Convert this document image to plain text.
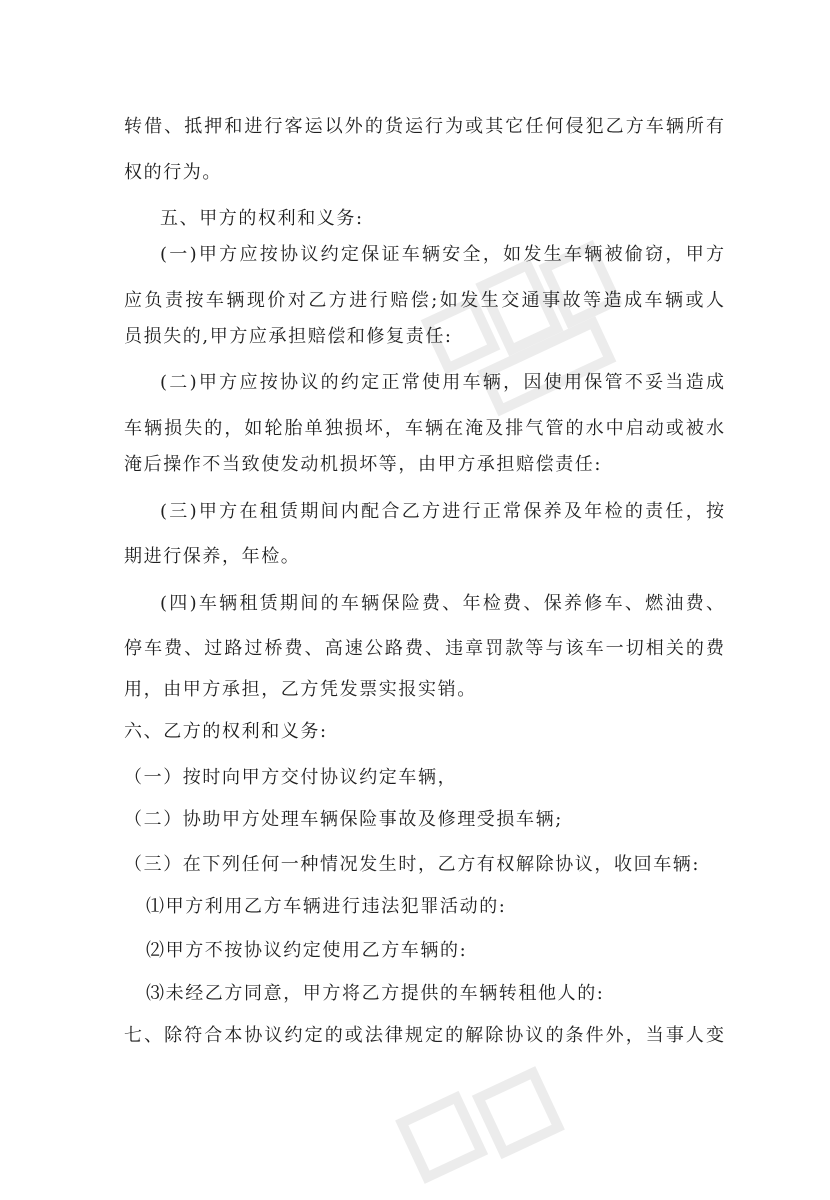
转借、抵押和进行客运以外的货运行为或其它任何侵犯乙方车辆所有
权的行为。
五、甲方的权利和义务:
(一)甲方应按协议约定保证车辆安全，如发生车辆被偷窃，甲方
应负责按车辆现价对乙方进行赔偿;如发生交通事故等造成车辆或人
员损失的,甲方应承担赔偿和修复责任:
(二)甲方应按协议的约定正常使用车辆，因使用保管不妥当造成
车辆损失的，如轮胎单独损坏，车辆在淹及排气管的水中启动或被水
淹后操作不当致使发动机损坏等，由甲方承担赔偿责任:
(三)甲方在租赁期间内配合乙方进行正常保养及年检的责任，按
期进行保养，年检。
(四)车辆租赁期间的车辆保险费、年检费、保养修车、燃油费、
停车费、过路过桥费、高速公路费、违章罚款等与该车一切相关的费
用，由甲方承担，乙方凭发票实报实销。
六、乙方的权利和义务:
（一）按时向甲方交付协议约定车辆，
（二）协助甲方处理车辆保险事故及修理受损车辆;
（三）在下列任何一种情况发生时，乙方有权解除协议，收回车辆:
⑴甲方利用乙方车辆进行违法犯罪活动的:
⑵甲方不按协议约定使用乙方车辆的:
⑶未经乙方同意，甲方将乙方提供的车辆转租他人的:
七、除符合本协议约定的或法律规定的解除协议的条件外，当事人变
